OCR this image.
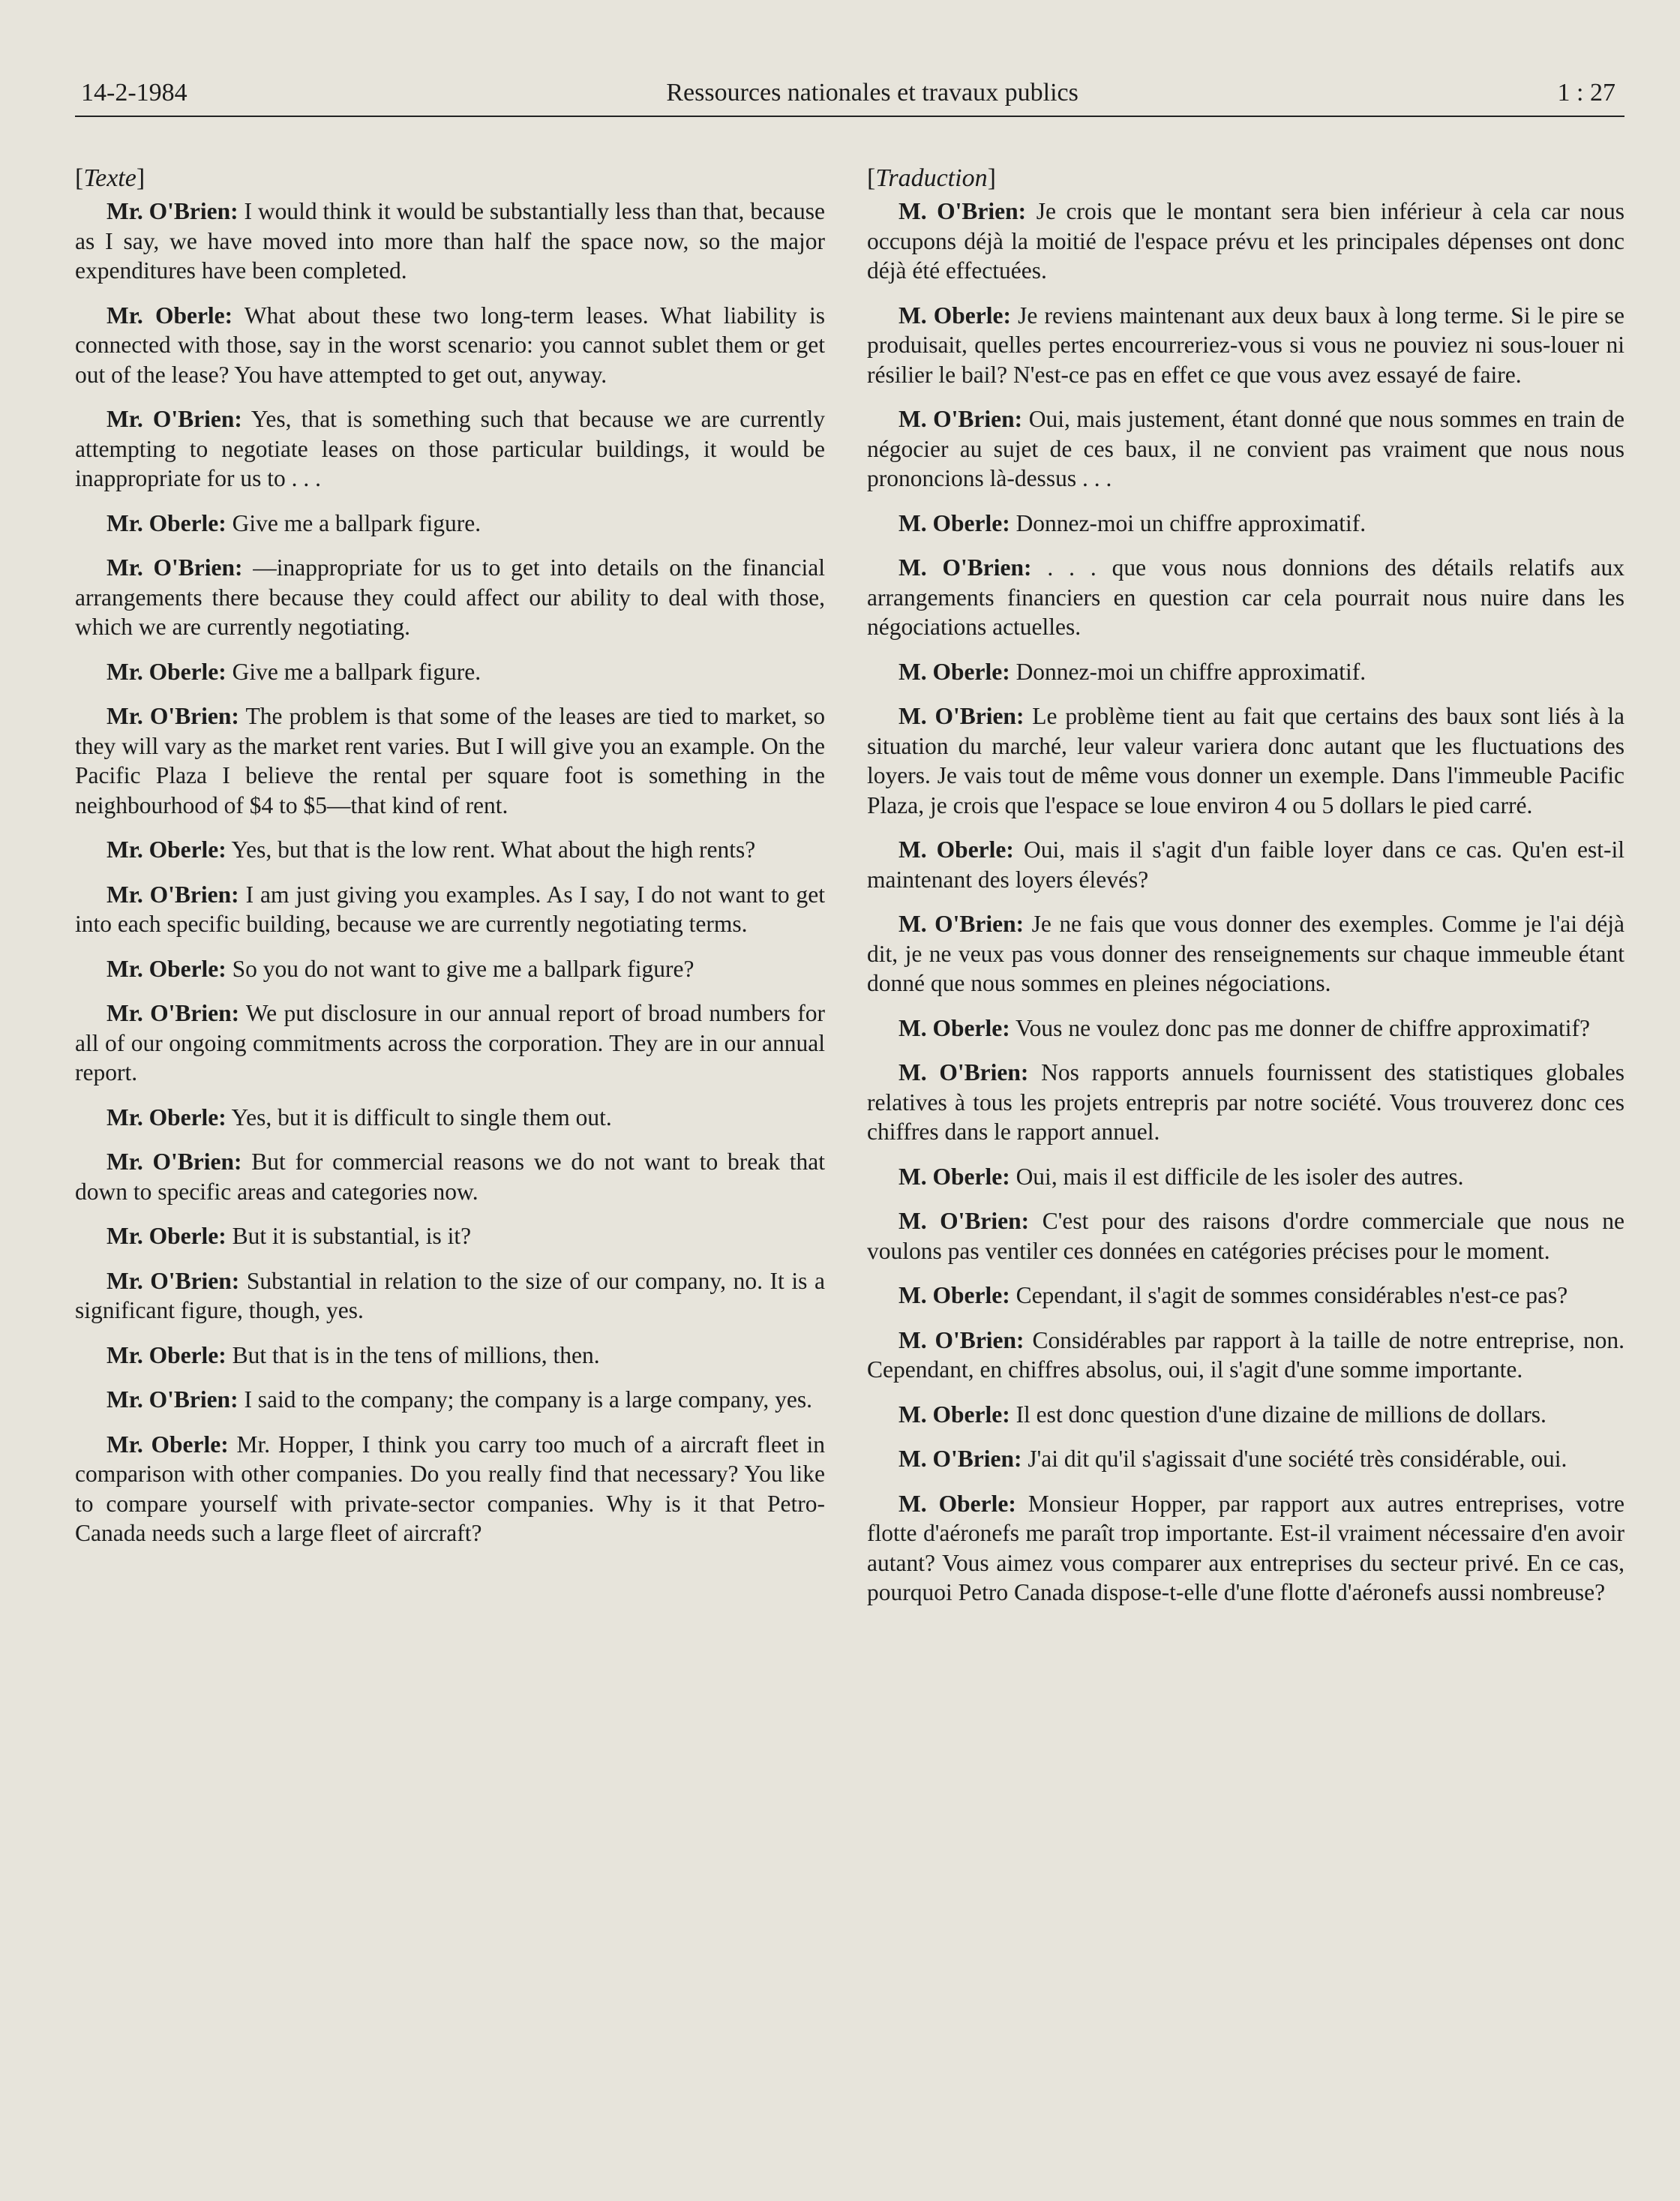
14-2-1984	Ressources nationales et travaux publics	1 : 27
[Texte]
Mr. O'Brien: I would think it would be substantially less than that, because as I say, we have moved into more than half the space now, so the major expenditures have been completed.
Mr. Oberle: What about these two long-term leases. What liability is connected with those, say in the worst scenario: you cannot sublet them or get out of the lease? You have attempted to get out, anyway.
Mr. O'Brien: Yes, that is something such that because we are currently attempting to negotiate leases on those particular buildings, it would be inappropriate for us to . . .
Mr. Oberle: Give me a ballpark figure.
Mr. O'Brien: —inappropriate for us to get into details on the financial arrangements there because they could affect our ability to deal with those, which we are currently negotiating.
Mr. Oberle: Give me a ballpark figure.
Mr. O'Brien: The problem is that some of the leases are tied to market, so they will vary as the market rent varies. But I will give you an example. On the Pacific Plaza I believe the rental per square foot is something in the neighbourhood of $4 to $5—that kind of rent.
Mr. Oberle: Yes, but that is the low rent. What about the high rents?
Mr. O'Brien: I am just giving you examples. As I say, I do not want to get into each specific building, because we are currently negotiating terms.
Mr. Oberle: So you do not want to give me a ballpark figure?
Mr. O'Brien: We put disclosure in our annual report of broad numbers for all of our ongoing commitments across the corporation. They are in our annual report.
Mr. Oberle: Yes, but it is difficult to single them out.
Mr. O'Brien: But for commercial reasons we do not want to break that down to specific areas and categories now.
Mr. Oberle: But it is substantial, is it?
Mr. O'Brien: Substantial in relation to the size of our company, no. It is a significant figure, though, yes.
Mr. Oberle: But that is in the tens of millions, then.
Mr. O'Brien: I said to the company; the company is a large company, yes.
Mr. Oberle: Mr. Hopper, I think you carry too much of a aircraft fleet in comparison with other companies. Do you really find that necessary? You like to compare yourself with private-sector companies. Why is it that Petro-Canada needs such a large fleet of aircraft?
[Traduction]
M. O'Brien: Je crois que le montant sera bien inférieur à cela car nous occupons déjà la moitié de l'espace prévu et les principales dépenses ont donc déjà été effectuées.
M. Oberle: Je reviens maintenant aux deux baux à long terme. Si le pire se produisait, quelles pertes encourreriez-vous si vous ne pouviez ni sous-louer ni résilier le bail? N'est-ce pas en effet ce que vous avez essayé de faire.
M. O'Brien: Oui, mais justement, étant donné que nous sommes en train de négocier au sujet de ces baux, il ne convient pas vraiment que nous nous prononcions là-dessus . . .
M. Oberle: Donnez-moi un chiffre approximatif.
M. O'Brien: . . . que vous nous donnions des détails relatifs aux arrangements financiers en question car cela pourrait nous nuire dans les négociations actuelles.
M. Oberle: Donnez-moi un chiffre approximatif.
M. O'Brien: Le problème tient au fait que certains des baux sont liés à la situation du marché, leur valeur variera donc autant que les fluctuations des loyers. Je vais tout de même vous donner un exemple. Dans l'immeuble Pacific Plaza, je crois que l'espace se loue environ 4 ou 5 dollars le pied carré.
M. Oberle: Oui, mais il s'agit d'un faible loyer dans ce cas. Qu'en est-il maintenant des loyers élevés?
M. O'Brien: Je ne fais que vous donner des exemples. Comme je l'ai déjà dit, je ne veux pas vous donner des renseignements sur chaque immeuble étant donné que nous sommes en pleines négociations.
M. Oberle: Vous ne voulez donc pas me donner de chiffre approximatif?
M. O'Brien: Nos rapports annuels fournissent des statistiques globales relatives à tous les projets entrepris par notre société. Vous trouverez donc ces chiffres dans le rapport annuel.
M. Oberle: Oui, mais il est difficile de les isoler des autres.
M. O'Brien: C'est pour des raisons d'ordre commerciale que nous ne voulons pas ventiler ces données en catégories précises pour le moment.
M. Oberle: Cependant, il s'agit de sommes considérables n'est-ce pas?
M. O'Brien: Considérables par rapport à la taille de notre entreprise, non. Cependant, en chiffres absolus, oui, il s'agit d'une somme importante.
M. Oberle: Il est donc question d'une dizaine de millions de dollars.
M. O'Brien: J'ai dit qu'il s'agissait d'une société très considérable, oui.
M. Oberle: Monsieur Hopper, par rapport aux autres entreprises, votre flotte d'aéronefs me paraît trop importante. Est-il vraiment nécessaire d'en avoir autant? Vous aimez vous comparer aux entreprises du secteur privé. En ce cas, pourquoi Petro Canada dispose-t-elle d'une flotte d'aéronefs aussi nombreuse?
